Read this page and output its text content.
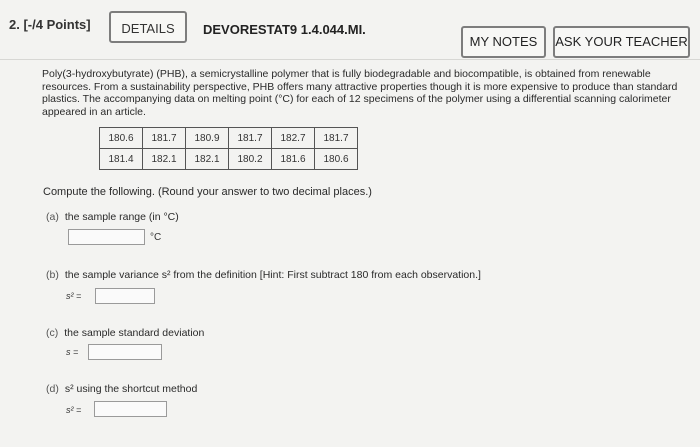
2. [-/4 Points]	DETAILS	DEVORESTAT9 1.4.044.MI.
MY NOTES	ASK YOUR TEACHER
Poly(3-hydroxybutyrate) (PHB), a semicrystalline polymer that is fully biodegradable and biocompatible, is obtained from renewable resources. From a sustainability perspective, PHB offers many attractive properties though it is more expensive to produce than standard plastics. The accompanying data on melting point (°C) for each of 12 specimens of the polymer using a differential scanning calorimeter appeared in an article.
180.6	181.7	180.9	181.7	182.7	181.7
181.4	182.1	182.1	180.2	181.6	180.6
Compute the following. (Round your answer to two decimal places.)
(a) the sample range (in °C)
°C
(b) the sample variance s² from the definition [Hint: First subtract 180 from each observation.]
s² =
(c) the sample standard deviation
s =
(d) s² using the shortcut method
s² =
